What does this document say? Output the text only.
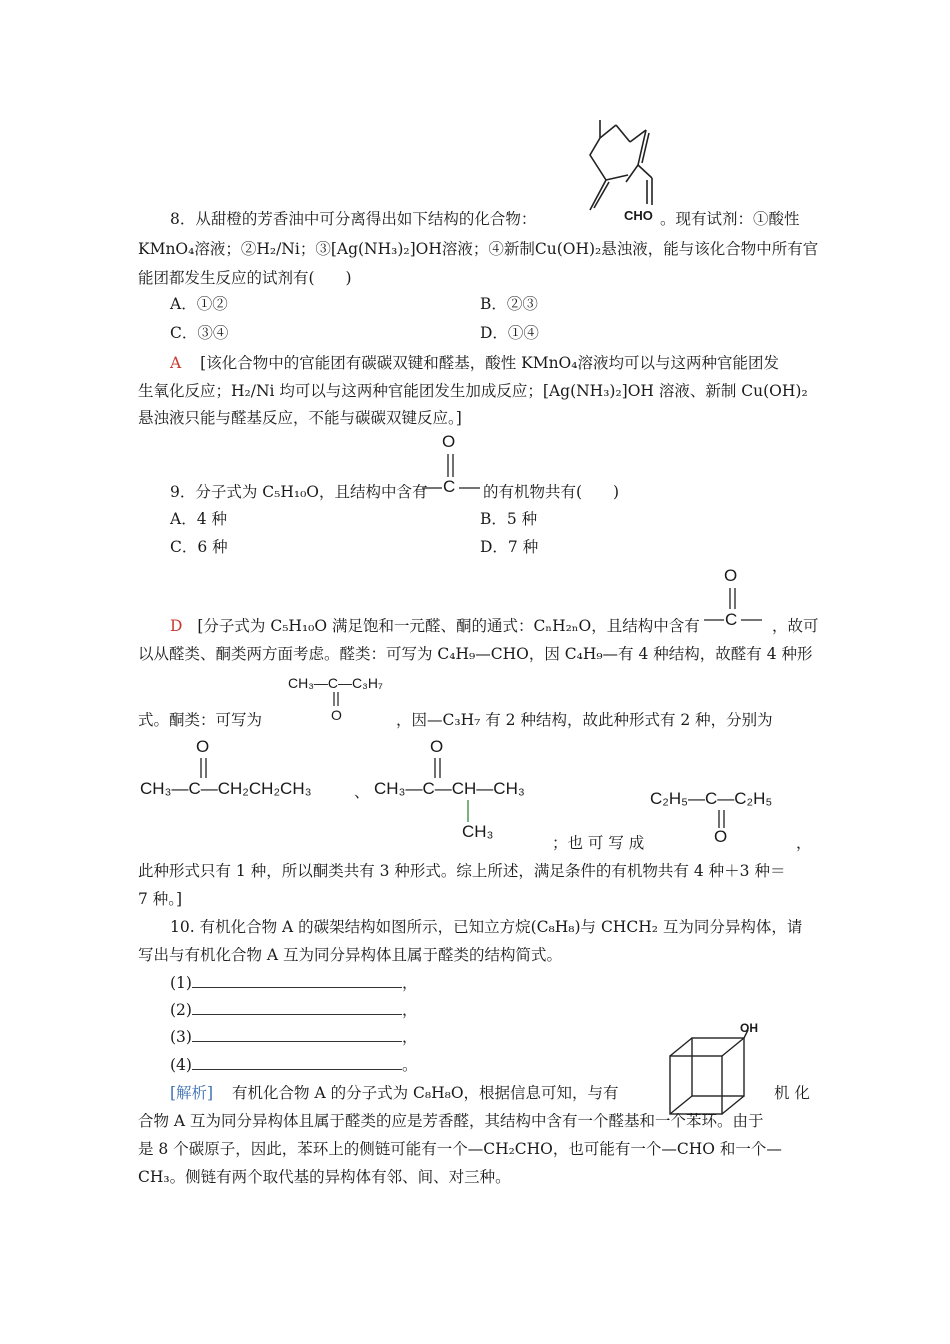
8．从甜橙的芳香油中可分离得出如下结构的化合物：	CHO 。现有试剂：①酸性
KMnO₄溶液；②H₂/Ni；③[Ag(NH₃)₂]OH溶液；④新制Cu(OH)₂悬浊液，能与该化合物中所有官
能团都发生反应的试剂有(　　)
A．①②	B．②③
C．③④	D．①④
A [该化合物中的官能团有碳碳双键和醛基，酸性 KMnO₄溶液均可以与这两种官能团发
生氧化反应；H₂/Ni 均可以与这两种官能团发生加成反应；[Ag(NH₃)₂]OH 溶液、新制 Cu(OH)₂
悬浊液只能与醛基反应，不能与碳碳双键反应。]
9．分子式为 C₅H₁₀O，且结构中含有
O
C 的有机物共有(　　)
A．4 种	B．5 种
C．6 种	D．7 种
D [分子式为 C₅H₁₀O 满足饱和一元醛、酮的通式：CₙH₂ₙO，且结构中含有
O
C ，故可
以从醛类、酮类两方面考虑。醛类：可写为 C₄H₉—CHO，因 C₄H₉—有 4 种结构，故醛有 4 种形
CH₃—C—C₃H₇
O
式。酮类：可写为	，因—C₃H₇ 有 2 种结构，故此种形式有 2 种，分别为
O
CH₃—C—CH₂CH₂CH₃	、
O
CH₃—C—CH—CH₃
CH₃
；也 可 写 成
C₂H₅—C—C₂H₅
O	，
此种形式只有 1 种，所以酮类共有 3 种形式。综上所述，满足条件的有机物共有 4 种＋3 种＝
7 种。]
10. 有机化合物 A 的碳架结构如图所示，已知立方烷(C₈H₈)与 CHCH₂ 互为同分异构体，请
写出与有机化合物 A 互为同分异构体且属于醛类的结构简式。
(1)	，
(2)	，
(3)	，
(4)	。
OH
[解析] 有机化合物 A 的分子式为 C₈H₈O，根据信息可知，与有	机 化
合物 A 互为同分异构体且属于醛类的应是芳香醛，其结构中含有一个醛基和一个苯环。由于
是 8 个碳原子，因此，苯环上的侧链可能有一个—CH₂CHO，也可能有一个—CHO 和一个—
CH₃。侧链有两个取代基的异构体有邻、间、对三种。
